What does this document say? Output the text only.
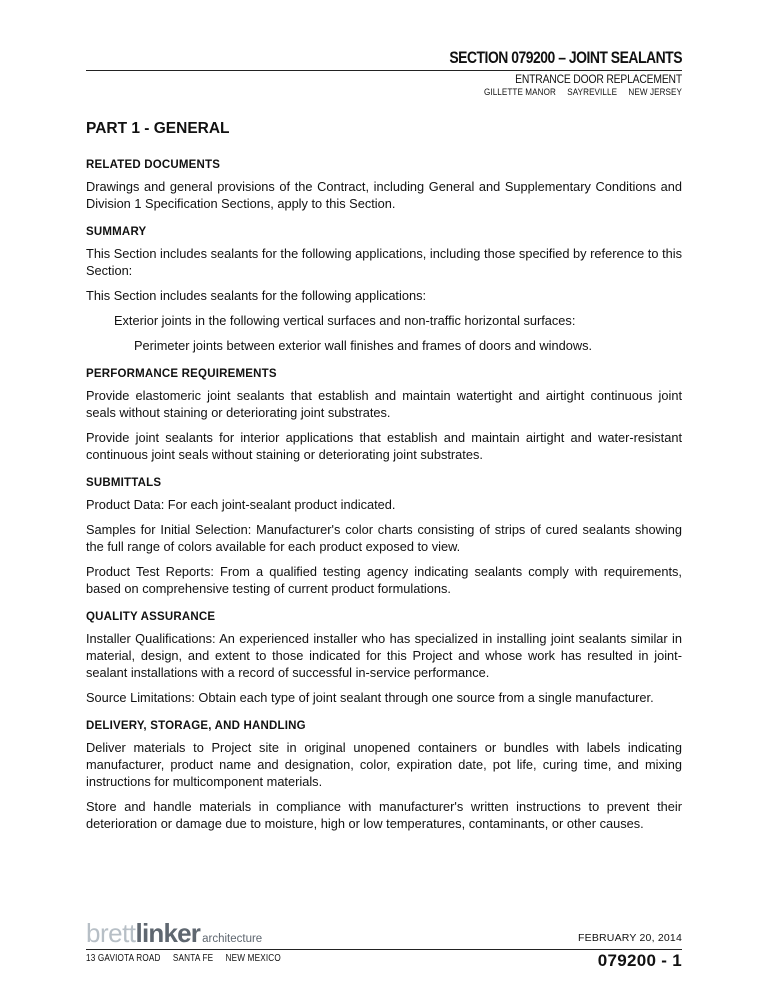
SECTION 079200 – JOINT SEALANTS
ENTRANCE DOOR REPLACEMENT
GILLETTE MANOR SAYREVILLE NEW JERSEY
PART 1 - GENERAL
RELATED DOCUMENTS

Drawings and general provisions of the Contract, including General and Supplementary Conditions and Division 1 Specification Sections, apply to this Section.

SUMMARY

This Section includes sealants for the following applications, including those specified by reference to this Section:

This Section includes sealants for the following applications:

Exterior joints in the following vertical surfaces and non-traffic horizontal surfaces:

Perimeter joints between exterior wall finishes and frames of doors and windows.

PERFORMANCE REQUIREMENTS

Provide elastomeric joint sealants that establish and maintain watertight and airtight continuous joint seals without staining or deteriorating joint substrates.

Provide joint sealants for interior applications that establish and maintain airtight and water-resistant continuous joint seals without staining or deteriorating joint substrates.

SUBMITTALS

Product Data: For each joint-sealant product indicated.

Samples for Initial Selection: Manufacturer's color charts consisting of strips of cured sealants showing the full range of colors available for each product exposed to view.

Product Test Reports: From a qualified testing agency indicating sealants comply with requirements, based on comprehensive testing of current product formulations.

QUALITY ASSURANCE

Installer Qualifications: An experienced installer who has specialized in installing joint sealants similar in material, design, and extent to those indicated for this Project and whose work has resulted in joint-sealant installations with a record of successful in-service performance.

Source Limitations: Obtain each type of joint sealant through one source from a single manufacturer.

DELIVERY, STORAGE, AND HANDLING

Deliver materials to Project site in original unopened containers or bundles with labels indicating manufacturer, product name and designation, color, expiration date, pot life, curing time, and mixing instructions for multicomponent materials.

Store and handle materials in compliance with manufacturer's written instructions to prevent their deterioration or damage due to moisture, high or low temperatures, contaminants, or other causes.

brettlinker architecture	FEBRUARY 20, 2014
13 GAVIOTA ROAD SANTA FE NEW MEXICO	079200 - 1
